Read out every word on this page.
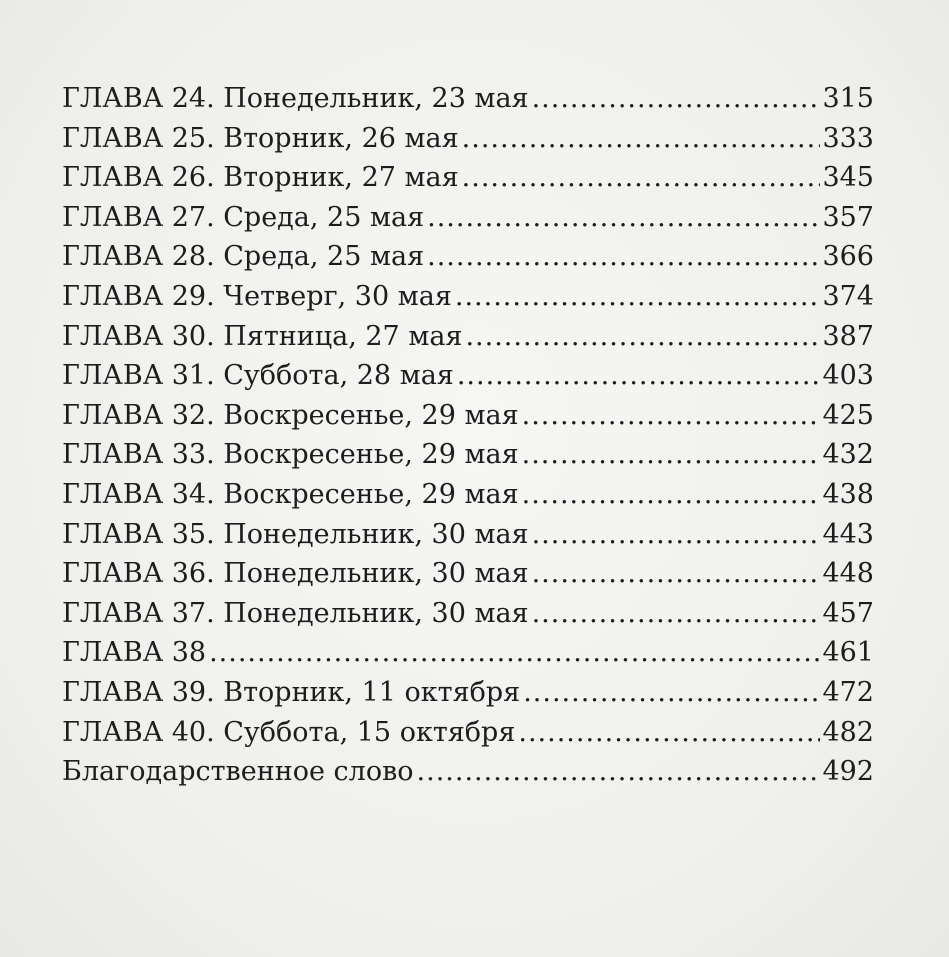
ГЛАВА 24. Понедельник, 23 мая .....	315
ГЛАВА 25. Вторник, 26 мая .....	333
ГЛАВА 26. Вторник, 27 мая .....	345
ГЛАВА 27. Среда, 25 мая .....	357
ГЛАВА 28. Среда, 25 мая .....	366
ГЛАВА 29. Четверг, 30 мая .....	374
ГЛАВА 30. Пятница, 27 мая .....	387
ГЛАВА 31. Суббота, 28 мая .....	403
ГЛАВА 32. Воскресенье, 29 мая .....	425
ГЛАВА 33. Воскресенье, 29 мая .....	432
ГЛАВА 34. Воскресенье, 29 мая .....	438
ГЛАВА 35. Понедельник, 30 мая .....	443
ГЛАВА 36. Понедельник, 30 мая .....	448
ГЛАВА 37. Понедельник, 30 мая .....	457
ГЛАВА 38 .....	461
ГЛАВА 39. Вторник, 11 октября .....	472
ГЛАВА 40. Суббота, 15 октября .....	482
Благодарственное слово .....	492
